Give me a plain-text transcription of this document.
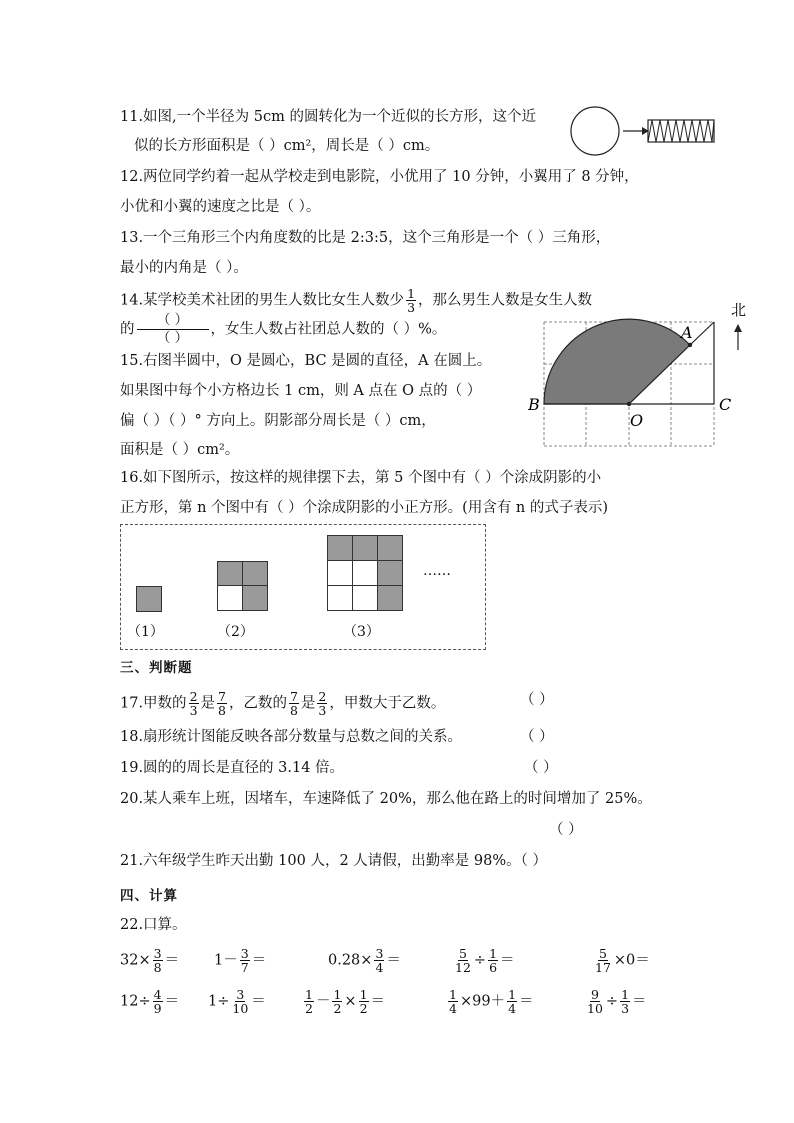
11.如图,一个半径为 5cm 的圆转化为一个近似的长方形，这个近
似的长方形面积是（ ）cm²，周长是（ ）cm。
12.两位同学约着一起从学校走到电影院，小优用了 10 分钟，小翼用了 8 分钟，
小优和小翼的速度之比是（ ）。
13.一个三角形三个内角度数的比是 2:3:5，这个三角形是一个（ ）三角形，
最小的内角是（ ）。
14.某学校美术社团的男生人数比女生人数少 $\frac{1}{3}$ ，那么男生人数是女生人数
的 $\frac{( )}{( )}$ ，女生人数占社团总人数的（ ）%。
15.右图半圆中，O 是圆心，BC 是圆的直径，A 在圆上。
如果图中每个小方格边长 1 cm，则 A 点在 O 点的（ ）
偏（ ）（ ）° 方向上。阴影部分周长是（ ）cm，
面积是（ ）cm²。
A
B	C
O
北
16.如下图所示，按这样的规律摆下去，第 5 个图中有（ ）个涂成阴影的小
正方形，第 n 个图中有（ ）个涂成阴影的小正方形。(用含有 n 的式子表示)
……
（1）	（2）	（3）
三、判断题
17.甲数的 $\frac{2}{3}$ 是 $\frac{7}{8}$ ，乙数的 $\frac{7}{8}$ 是 $\frac{2}{3}$ ，甲数大于乙数。	（ ）
18.扇形统计图能反映各部分数量与总数之间的关系。	（ ）
19.圆的的周长是直径的 3.14 倍。	（ ）
20.某人乘车上班，因堵车，车速降低了 20%，那么他在路上的时间增加了 25%。
（ ）
21.六年级学生昨天出勤 100 人，2 人请假，出勤率是 98%。（ ）
四、计算
22.口算。
$32\times \frac{3}{8} = 1- \frac{3}{7}$ ＝	$0.28\times \frac{3}{4}$ ＝	$\frac{5}{12} \div \frac{1}{6}$ ＝	$\frac{5}{17} \times 0=$
$12\div \frac{4}{9} = 1\div \frac{3}{10}$ ＝	$\frac{1}{2} - \frac{1}{2} \times \frac{1}{2}$ ＝	$\frac{1}{4} \times 99+ \frac{1}{4}$ ＝	$\frac{9}{10} \div \frac{1}{3}$ ＝
